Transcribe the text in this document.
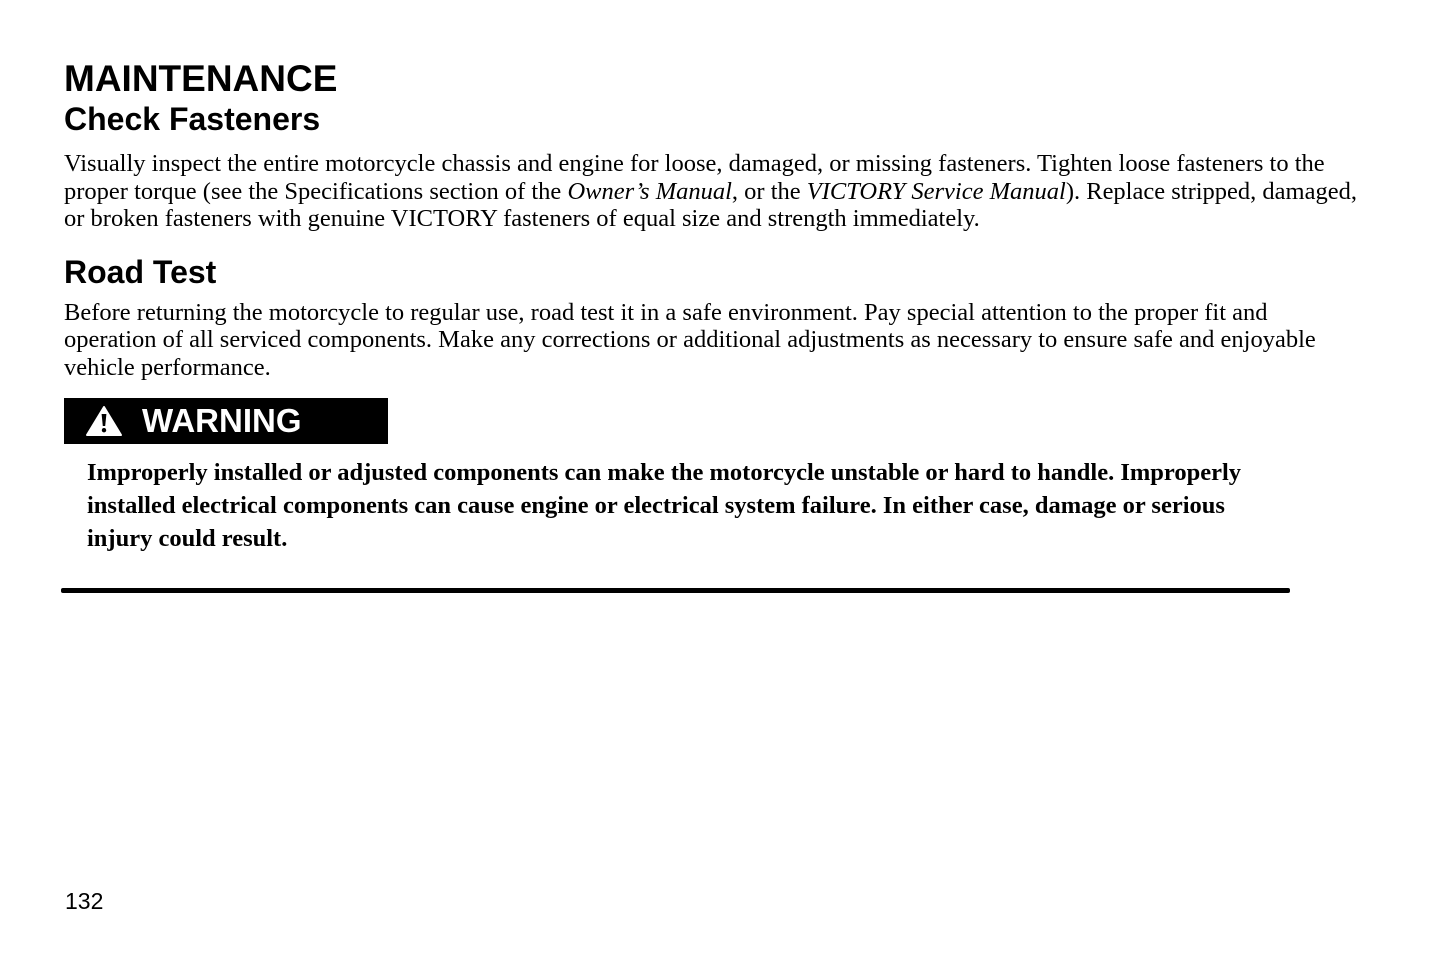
MAINTENANCE
Check Fasteners

Visually inspect the entire motorcycle chassis and engine for loose, damaged, or missing fasteners. Tighten loose fasteners to the proper torque (see the Specifications section of the Owner’s Manual, or the VICTORY Service Manual). Replace stripped, damaged, or broken fasteners with genuine VICTORY fasteners of equal size and strength immediately.

Road Test

Before returning the motorcycle to regular use, road test it in a safe environment. Pay special attention to the proper fit and operation of all serviced components. Make any corrections or additional adjustments as necessary to ensure safe and enjoyable vehicle performance.

WARNING

Improperly installed or adjusted components can make the motorcycle unstable or hard to handle. Improperly installed electrical components can cause engine or electrical system failure. In either case, damage or serious injury could result.

132
